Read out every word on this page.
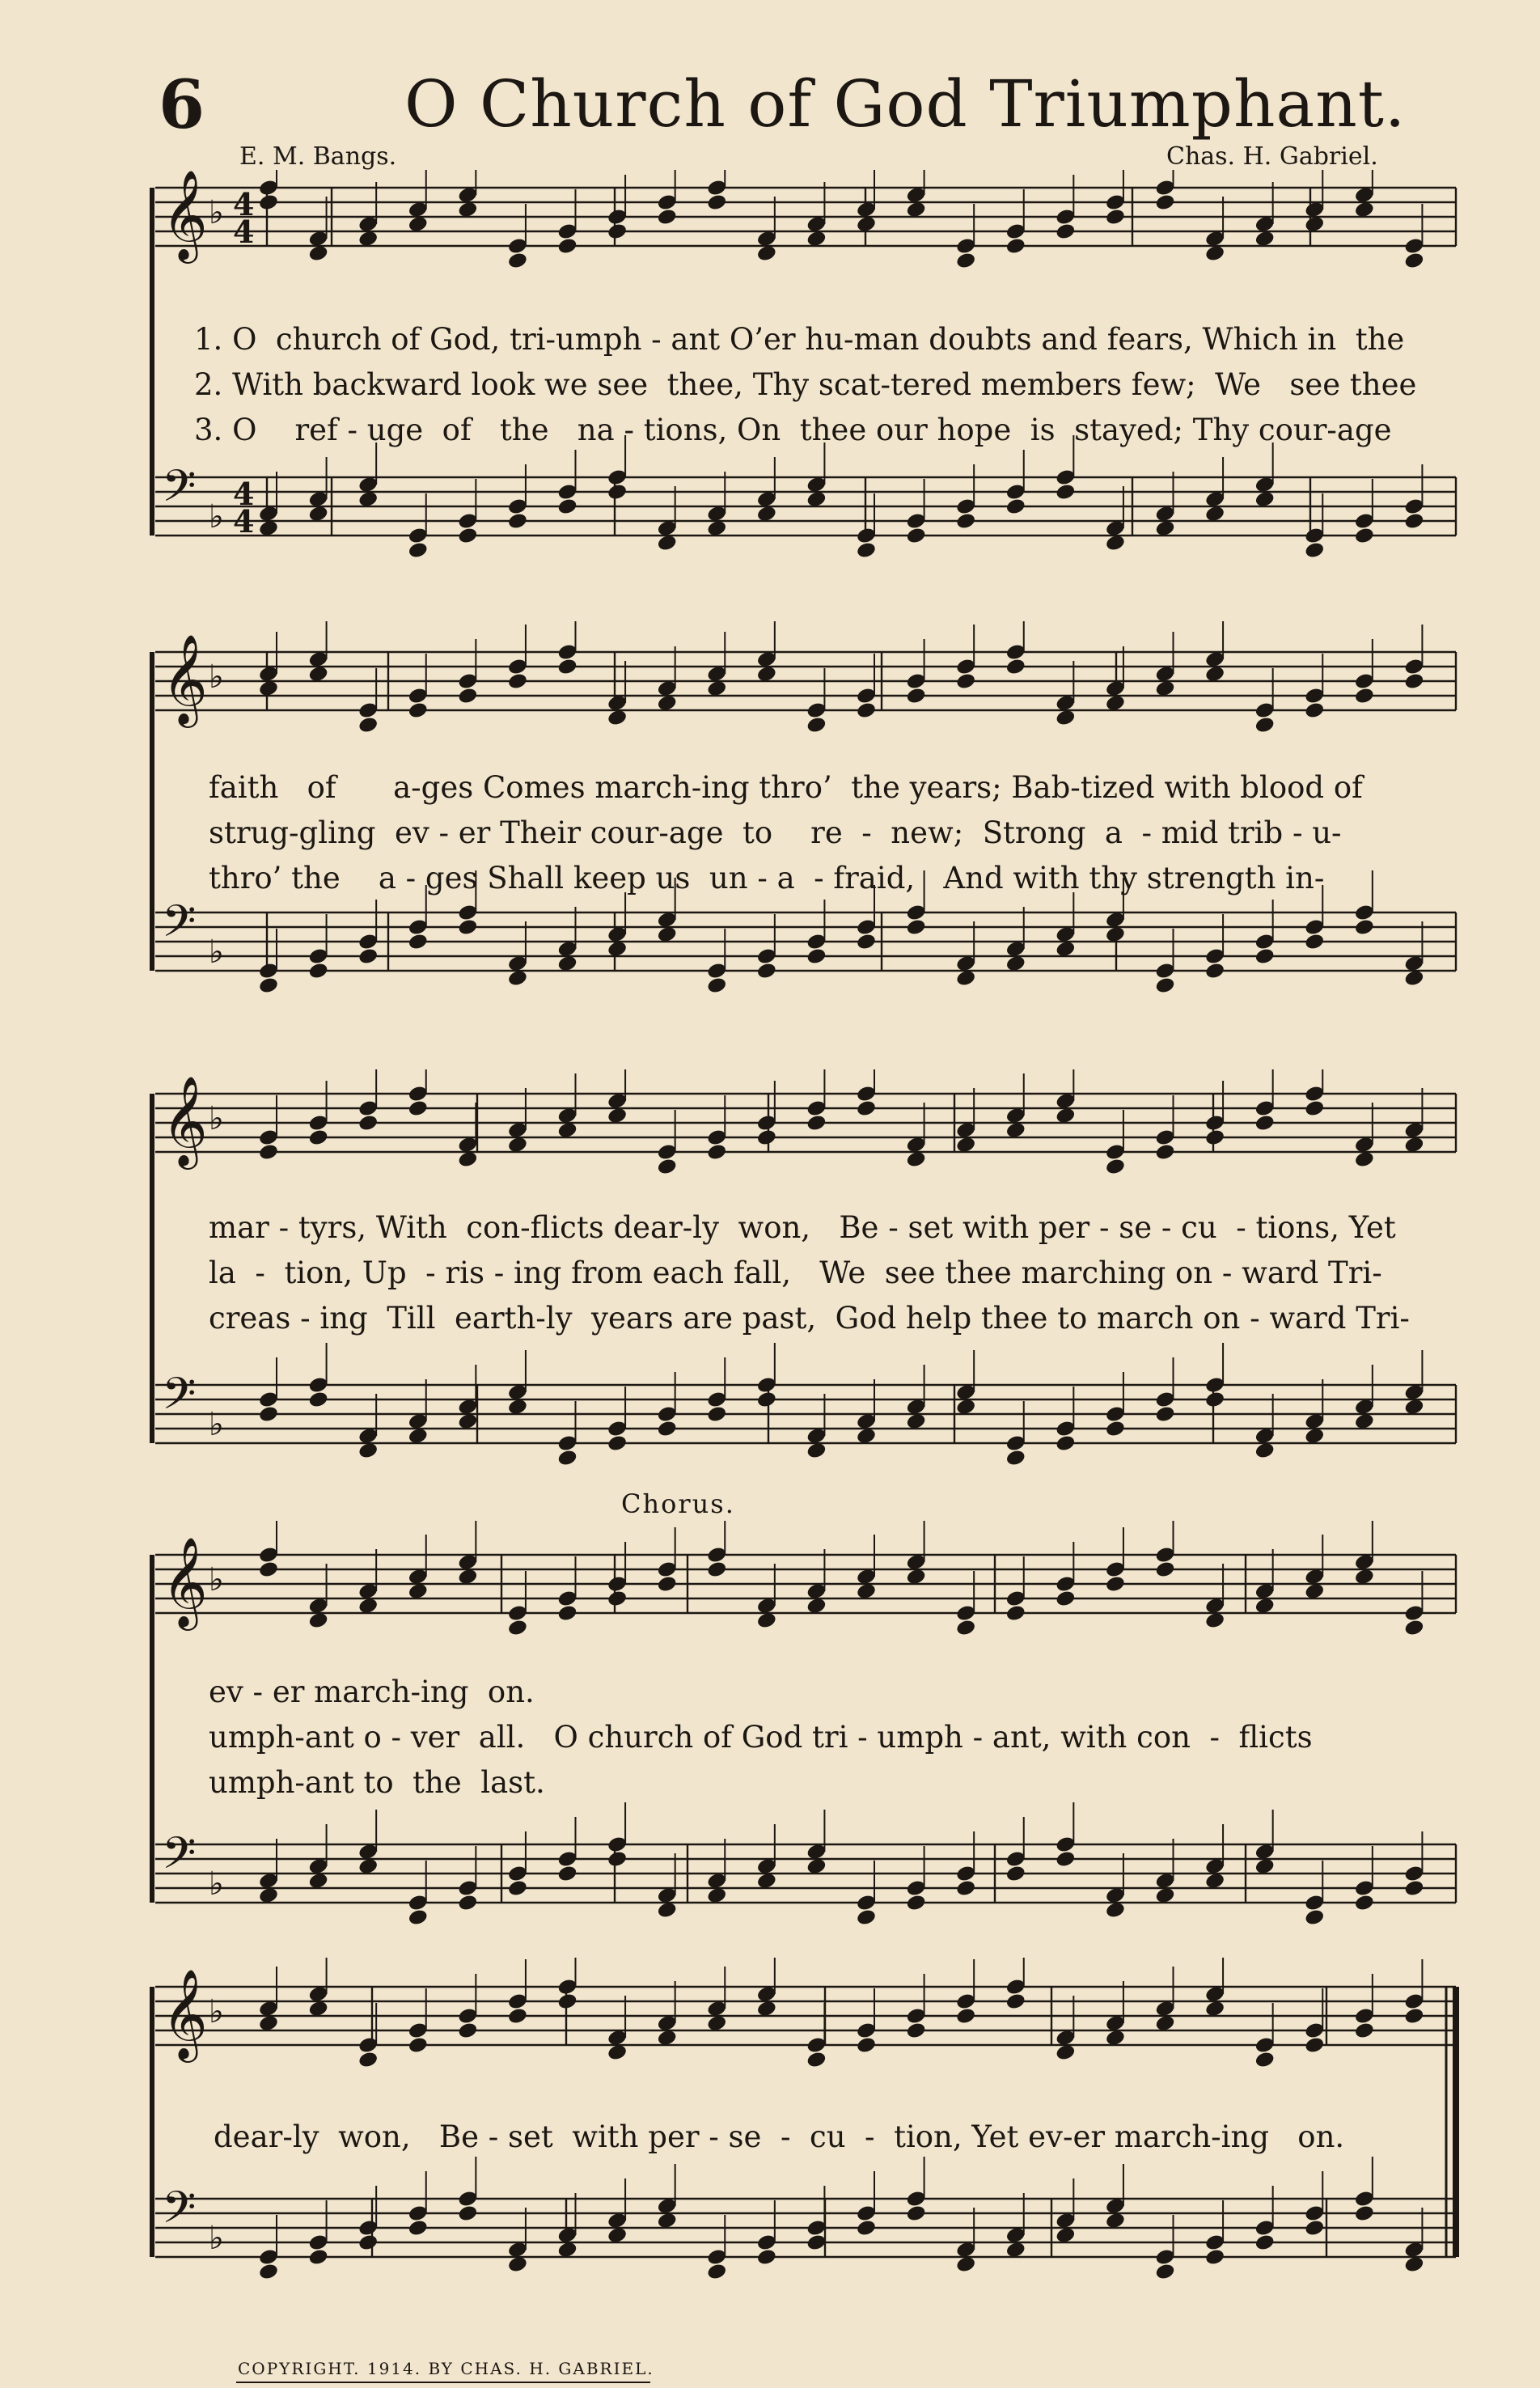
6	O Church of God Triumphant.
E. M. Bangs.	Chas. H. Gabriel.
𝄞 ♭ 4
4
𝄢 ♭
4
4
1. O  church of God, tri-umph - ant O’er hu-man doubts and fears, Which in  the
2. With backward look we see  thee, Thy scat-tered members few;  We   see thee
3. O    ref - uge  of   the   na - tions, On  thee our hope  is  stayed; Thy cour-age
𝄞 ♭
𝄢 ♭
faith   of      a-ges Comes march-ing thro’  the years; Bab-tized with blood of
strug-gling  ev - er Their cour-age  to    re  -  new;  Strong  a  - mid trib - u-
thro’ the    a - ges Shall keep us  un - a  - fraid,   And with thy strength in-
𝄞 ♭
𝄢 ♭
mar - tyrs, With  con-flicts dear-ly  won,   Be - set with per - se - cu  - tions, Yet
la  -  tion, Up  - ris - ing from each fall,   We  see thee marching on - ward Tri-
creas - ing  Till  earth-ly  years are past,  God help thee to march on - ward Tri-
Chorus.
𝄞 ♭
𝄢 ♭
ev - er march-ing  on.
umph-ant o - ver  all.   O church of God tri - umph - ant, with con  -  flicts
umph-ant to  the  last.
𝄞 ♭
𝄢 ♭
dear-ly  won,   Be - set  with per - se  -  cu  -  tion, Yet ev-er march-ing   on.
COPYRIGHT. 1914. BY CHAS. H. GABRIEL.
